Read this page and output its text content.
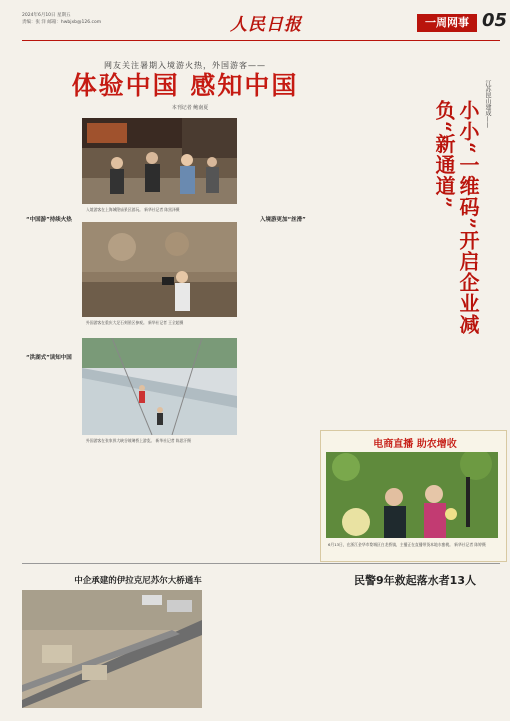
2024年6月10日 星期五
责编：张 洋 邮箱：hwbjxb@126.com	人民日报	一周网事 05
网友关注暑期入境游火热，外国游客——
体验中国 感知中国
本刊记者 鲍南夏
“中国游”持续火热
“洪湖式”读知中国
入境游客在上海城隍庙景区游玩。 新华社记者 陈黑泽摄
外国游客在重庆大足石刻景区参观。 新华社记者 王全超摄
外国游客在张家界大峡谷玻璃桥上游览。 新华社记者 陈思汗摄
入境游更加“丝滑”
江苏昆山建成——
小小“一维码”开启企业减负“新通道”
电商直播 助农增收
6月13日，在浙江金华市婺城区白龙桥镇，主播正在直播带货本地水蜜桃。 新华社记者 陈婷摄
中企承建的伊拉克尼苏尔大桥通车	民警9年救起落水者13人
